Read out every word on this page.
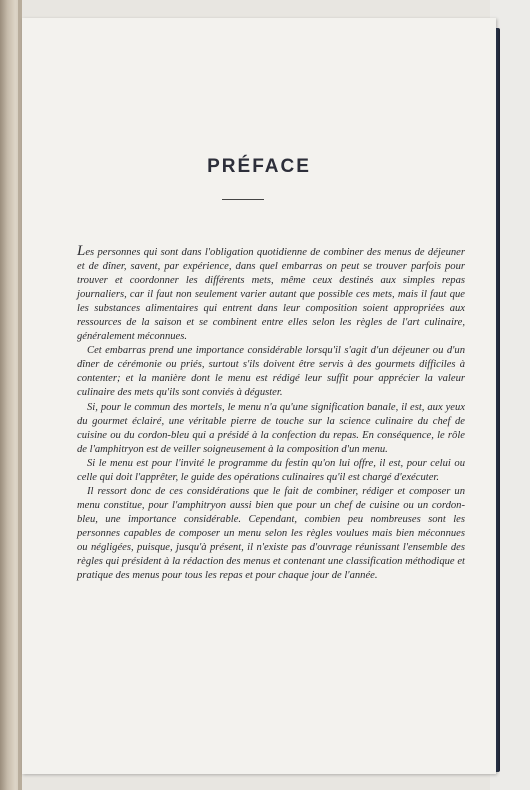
PRÉFACE

Les personnes qui sont dans l'obligation quotidienne de combiner des menus de déjeuner et de dîner, savent, par expérience, dans quel embarras on peut se trouver parfois pour trouver et coordonner les différents mets, même ceux destinés aux simples repas journaliers, car il faut non seulement varier autant que possible ces mets, mais il faut que les substances alimentaires qui entrent dans leur composition soient appropriées aux ressources de la saison et se combinent entre elles selon les règles de l'art culinaire, généralement méconnues.

Cet embarras prend une importance considérable lorsqu'il s'agit d'un déjeuner ou d'un dîner de cérémonie ou priés, surtout s'ils doivent être servis à des gourmets difficiles à contenter; et la manière dont le menu est rédigé leur suffit pour apprécier la valeur culinaire des mets qu'ils sont conviés à déguster.

Si, pour le commun des mortels, le menu n'a qu'une signification banale, il est, aux yeux du gourmet éclairé, une véritable pierre de touche sur la science culinaire du chef de cuisine ou du cordon-bleu qui a présidé à la confection du repas. En conséquence, le rôle de l'amphitryon est de veiller soigneusement à la composition d'un menu.

Si le menu est pour l'invité le programme du festin qu'on lui offre, il est, pour celui ou celle qui doit l'apprêter, le guide des opérations culinaires qu'il est chargé d'exécuter.

Il ressort donc de ces considérations que le fait de combiner, rédiger et composer un menu constitue, pour l'amphitryon aussi bien que pour un chef de cuisine ou un cordon-bleu, une importance considérable. Cependant, combien peu nombreuses sont les personnes capables de composer un menu selon les règles voulues mais bien méconnues ou négligées, puisque, jusqu'à présent, il n'existe pas d'ouvrage réunissant l'ensemble des règles qui président à la rédaction des menus et contenant une classification méthodique et pratique des menus pour tous les repas et pour chaque jour de l'année.
